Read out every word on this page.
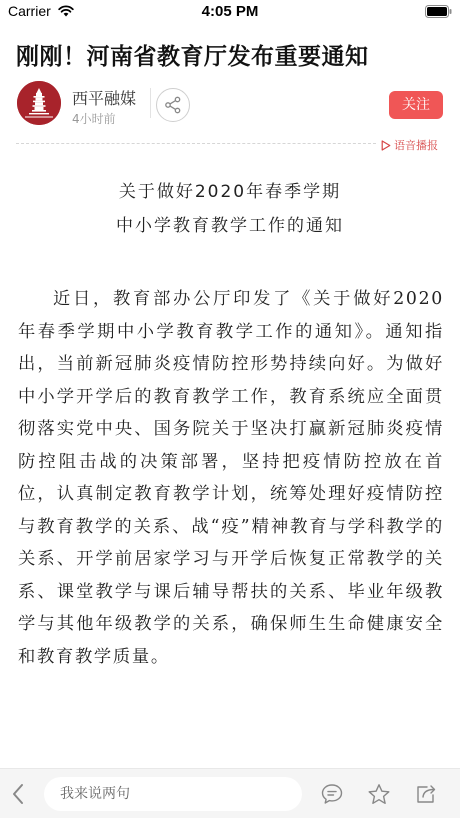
Carrier	4:05 PM
刚刚！河南省教育厅发布重要通知
西平融媒
4小时前
关注
语音播报
关于做好2020年春季学期
中小学教育教学工作的通知

近日，教育部办公厅印发了《关于做好2020年春季学期中小学教育教学工作的通知》。通知指出，当前新冠肺炎疫情防控形势持续向好。为做好中小学开学后的教育教学工作，教育系统应全面贯彻落实党中央、国务院关于坚决打赢新冠肺炎疫情防控阻击战的决策部署，坚持把疫情防控放在首位，认真制定教育教学计划，统筹处理好疫情防控与教育教学的关系、战“疫”精神教育与学科教学的关系、开学前居家学习与开学后恢复正常教学的关系、课堂教学与课后辅导帮扶的关系、毕业年级教学与其他年级教学的关系，确保师生生命健康安全和教育教学质量。

我来说两句
